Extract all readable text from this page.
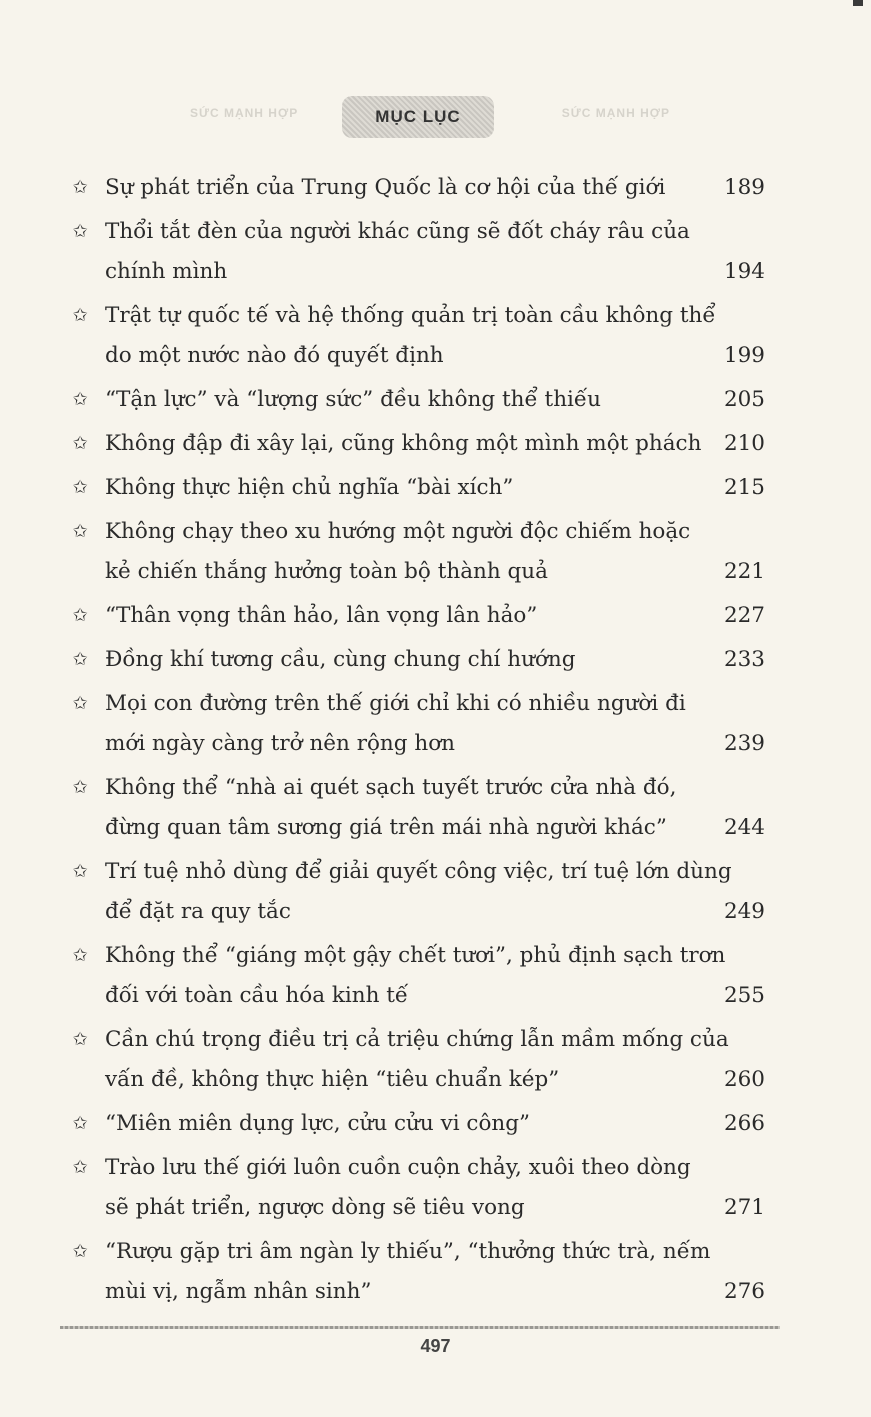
SỨC MẠNH HỢP	SỨC MẠNH HỢP
MỤC LỤC
✩ Sự phát triển của Trung Quốc là cơ hội của thế giới	189
✩ Thổi tắt đèn của người khác cũng sẽ đốt cháy râu của
chính mình	194
✩ Trật tự quốc tế và hệ thống quản trị toàn cầu không thể
do một nước nào đó quyết định	199
✩ “Tận lực” và “lượng sức” đều không thể thiếu	205
✩ Không đập đi xây lại, cũng không một mình một phách 210
✩ Không thực hiện chủ nghĩa “bài xích”	215
✩ Không chạy theo xu hướng một người độc chiếm hoặc
kẻ chiến thắng hưởng toàn bộ thành quả	221
✩ “Thân vọng thân hảo, lân vọng lân hảo”	227
✩ Đồng khí tương cầu, cùng chung chí hướng	233
✩ Mọi con đường trên thế giới chỉ khi có nhiều người đi
mới ngày càng trở nên rộng hơn	239
✩ Không thể “nhà ai quét sạch tuyết trước cửa nhà đó,
đừng quan tâm sương giá trên mái nhà người khác”	244
✩ Trí tuệ nhỏ dùng để giải quyết công việc, trí tuệ lớn dùng
để đặt ra quy tắc	249
✩ Không thể “giáng một gậy chết tươi”, phủ định sạch trơn
đối với toàn cầu hóa kinh tế	255
✩ Cần chú trọng điều trị cả triệu chứng lẫn mầm mống của
vấn đề, không thực hiện “tiêu chuẩn kép”	260
✩ “Miên miên dụng lực, cửu cửu vi công”	266
✩ Trào lưu thế giới luôn cuồn cuộn chảy, xuôi theo dòng
sẽ phát triển, ngược dòng sẽ tiêu vong	271
✩ “Rượu gặp tri âm ngàn ly thiếu”, “thưởng thức trà, nếm
mùi vị, ngẫm nhân sinh”	276
497
